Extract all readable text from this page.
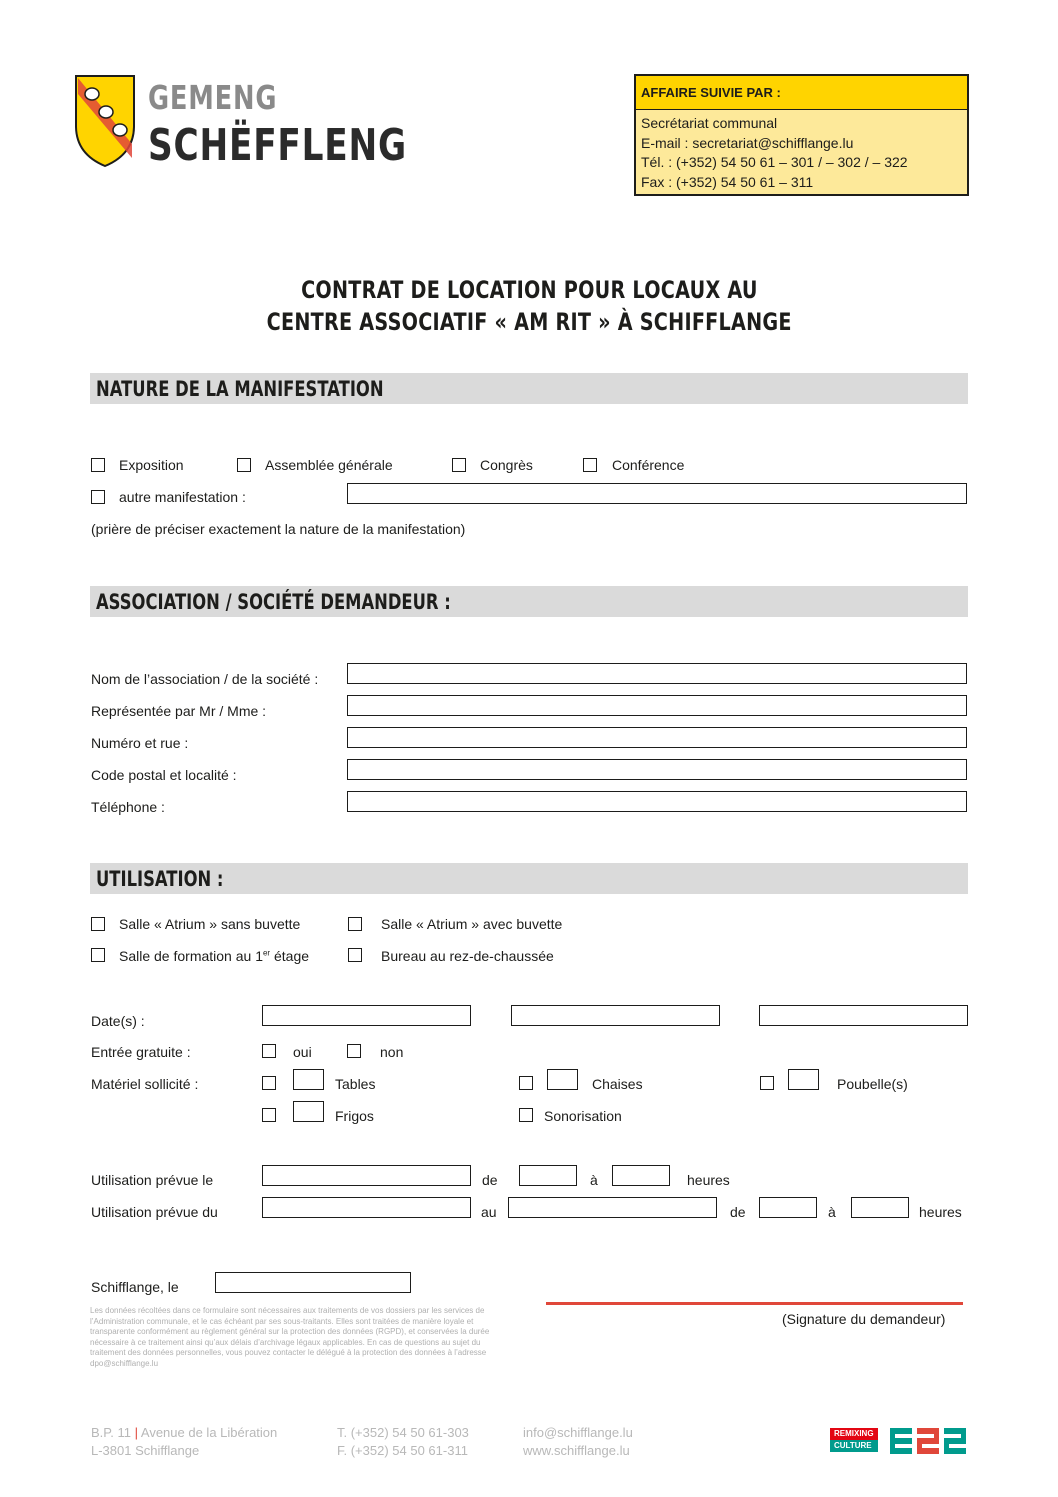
GEMENG
SCHËFFLENG
AFFAIRE SUIVIE PAR :
Secrétariat communal
E-mail : secretariat@schifflange.lu
Tél. : (+352) 54 50 61 – 301 / – 302 / – 322
Fax : (+352) 54 50 61 – 311
CONTRAT DE LOCATION POUR LOCAUX AU
CENTRE ASSOCIATIF « AM RIT » À SCHIFFLANGE
NATURE DE LA MANIFESTATION
Exposition	Assemblée générale	Congrès	Conférence
autre manifestation :
(prière de préciser exactement la nature de la manifestation)
ASSOCIATION / SOCIÉTÉ DEMANDEUR :
Nom de l’association / de la société :
Représentée par Mr / Mme :
Numéro et rue :
Code postal et localité :
Téléphone :
UTILISATION :
Salle « Atrium » sans buvette	Salle « Atrium » avec buvette
Salle de formation au 1er étage	Bureau au rez-de-chaussée
Date(s) :
Entrée gratuite :	oui	non
Matériel sollicité :	Tables	Chaises	Poubelle(s)
Frigos	Sonorisation
Utilisation prévue le	de	à	heures
Utilisation prévue du	au	de	à	heures
Schifflange, le
(Signature du demandeur)
Les données récoltées dans ce formulaire sont nécessaires aux traitements de vos dossiers par les services de l’Administration communale, et le cas échéant par ses sous-traitants. Elles sont traitées de manière loyale et transparente conformément au règlement général sur la protection des données (RGPD), et conservées la durée nécessaire à ce traitement ainsi qu’aux délais d’archivage légaux applicables. En cas de questions au sujet du traitement des données personnelles, vous pouvez contacter le délégué à la protection des données à l’adresse dpo@schifflange.lu
B.P. 11 | Avenue de la Libération
L-3801 Schifflange
T. (+352) 54 50 61-303
F. (+352) 54 50 61-311
info@schifflange.lu
www.schifflange.lu
REMIXING
CULTURE
